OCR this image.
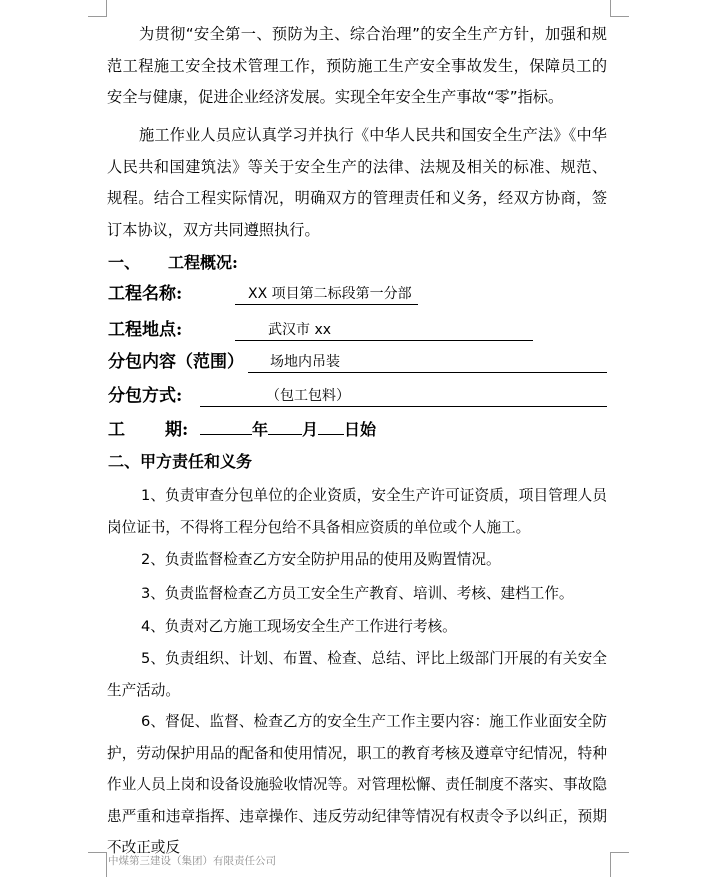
为贯彻“安全第一、预防为主、综合治理”的安全生产方针，加强和规范工程施工安全技术管理工作，预防施工生产安全事故发生，保障员工的安全与健康，促进企业经济发展。实现全年安全生产事故“零”指标。

施工作业人员应认真学习并执行《中华人民共和国安全生产法》《中华人民共和国建筑法》等关于安全生产的法律、法规及相关的标准、规范、规程。结合工程实际情况，明确双方的管理责任和义务，经双方协商，签订本协议，双方共同遵照执行。

一、 工程概况:
工程名称:	XX 项目第二标段第一分部
工程地点:	武汉市 xx
分包内容（范围） 场地内吊装
分包方式:	（包工包料）
工 期:	年 月 日始
二、甲方责任和义务

1、负责审查分包单位的企业资质，安全生产许可证资质，项目管理人员岗位证书，不得将工程分包给不具备相应资质的单位或个人施工。

2、负责监督检查乙方安全防护用品的使用及购置情况。

3、负责监督检查乙方员工安全生产教育、培训、考核、建档工作。

4、负责对乙方施工现场安全生产工作进行考核。

5、负责组织、计划、布置、检查、总结、评比上级部门开展的有关安全生产活动。

6、督促、监督、检查乙方的安全生产工作主要内容：施工作业面安全防护，劳动保护用品的配备和使用情况，职工的教育考核及遵章守纪情况，特种作业人员上岗和设备设施验收情况等。对管理松懈、责任制度不落实、事故隐患严重和违章指挥、违章操作、违反劳动纪律等情况有权责令予以纠正，预期不改正或反

中煤第三建设（集团）有限责任公司
